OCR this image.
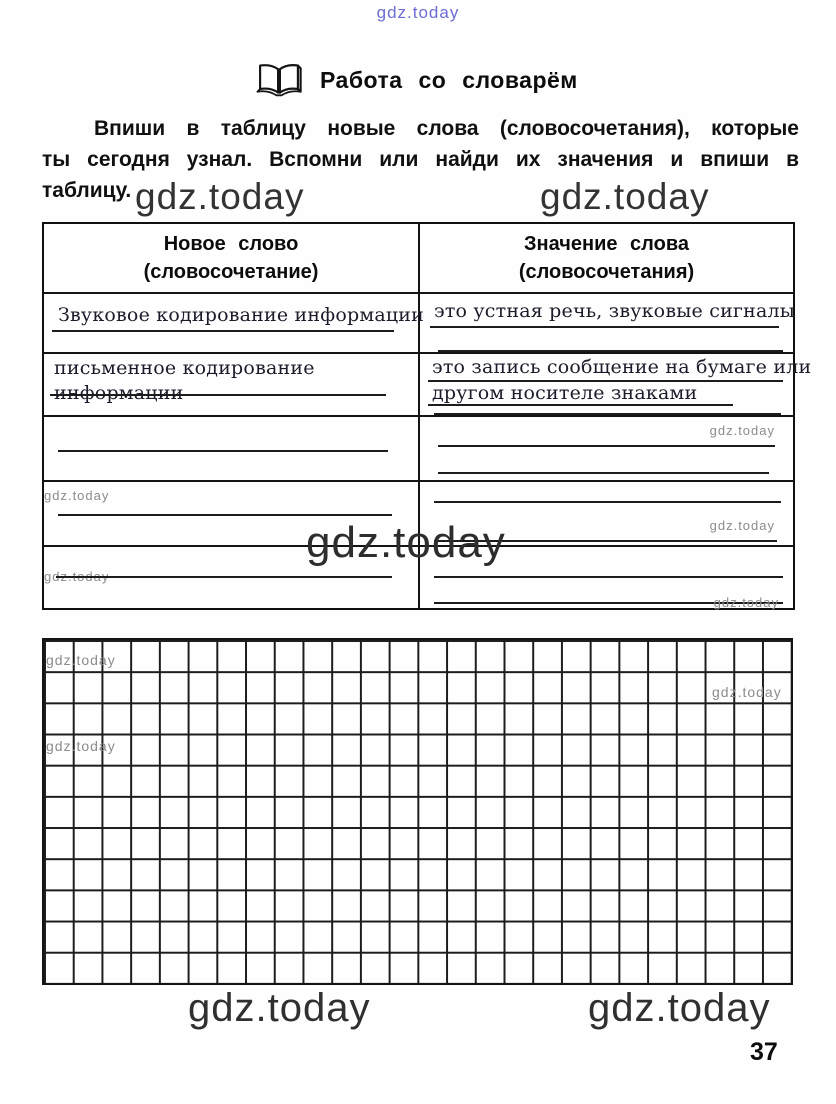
gdz.today
Работа со словарём
Впиши в таблицу новые слова (словосочетания), которые
ты сегодня узнал. Вспомни или найди их значения и впиши в
таблицу. gdz.today	gdz.today
Новое слово
(словосочетание)
Значение слова
(словосочетания)
Звуковое кодирование информации это устная речь, звуковые сигналы
письменное кодирование
информации
это запись сообщение на бумаге или
другом носителе знаками
gdz.today
gdz.today
gdz.today
gdz.today
gdz.today
gdz.today
gdz.today
gdz.today
gdz.today
gdz.today	gdz.today
37
